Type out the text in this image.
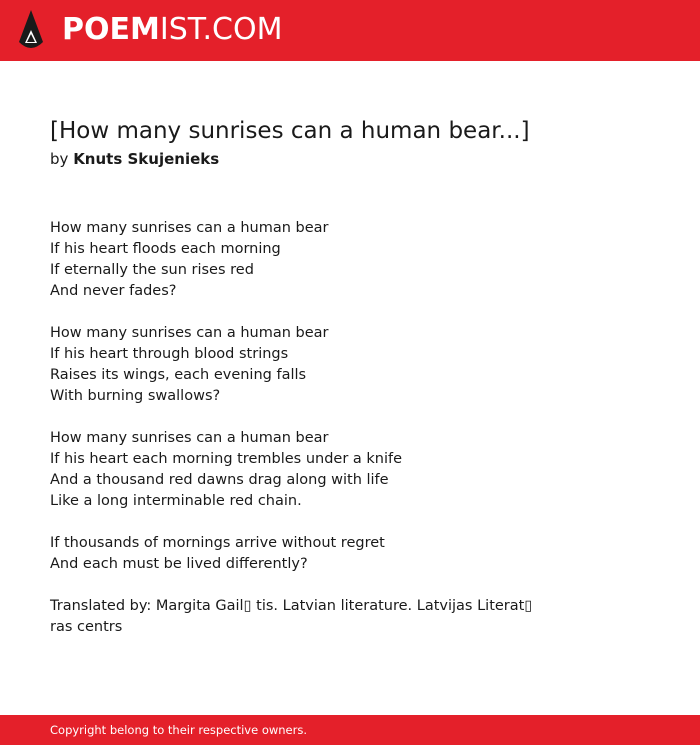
POEMIST.COM
[How many sunrises can a human bear...]
by Knuts Skujenieks
How many sunrises can a human bear
If his heart floods each morning
If eternally the sun rises red
And never fades?
How many sunrises can a human bear
If his heart through blood strings
Raises its wings, each evening falls
With burning swallows?
How many sunrises can a human bear
If his heart each morning trembles under a knife
And a thousand red dawns drag along with life
Like a long interminable red chain.
If thousands of mornings arrive without regret
And each must be lived differently?
Translated by: Margita Gail▯ tis. Latvian literature. Latvijas Literat▯ ras centrs
Copyright belong to their respective owners.
